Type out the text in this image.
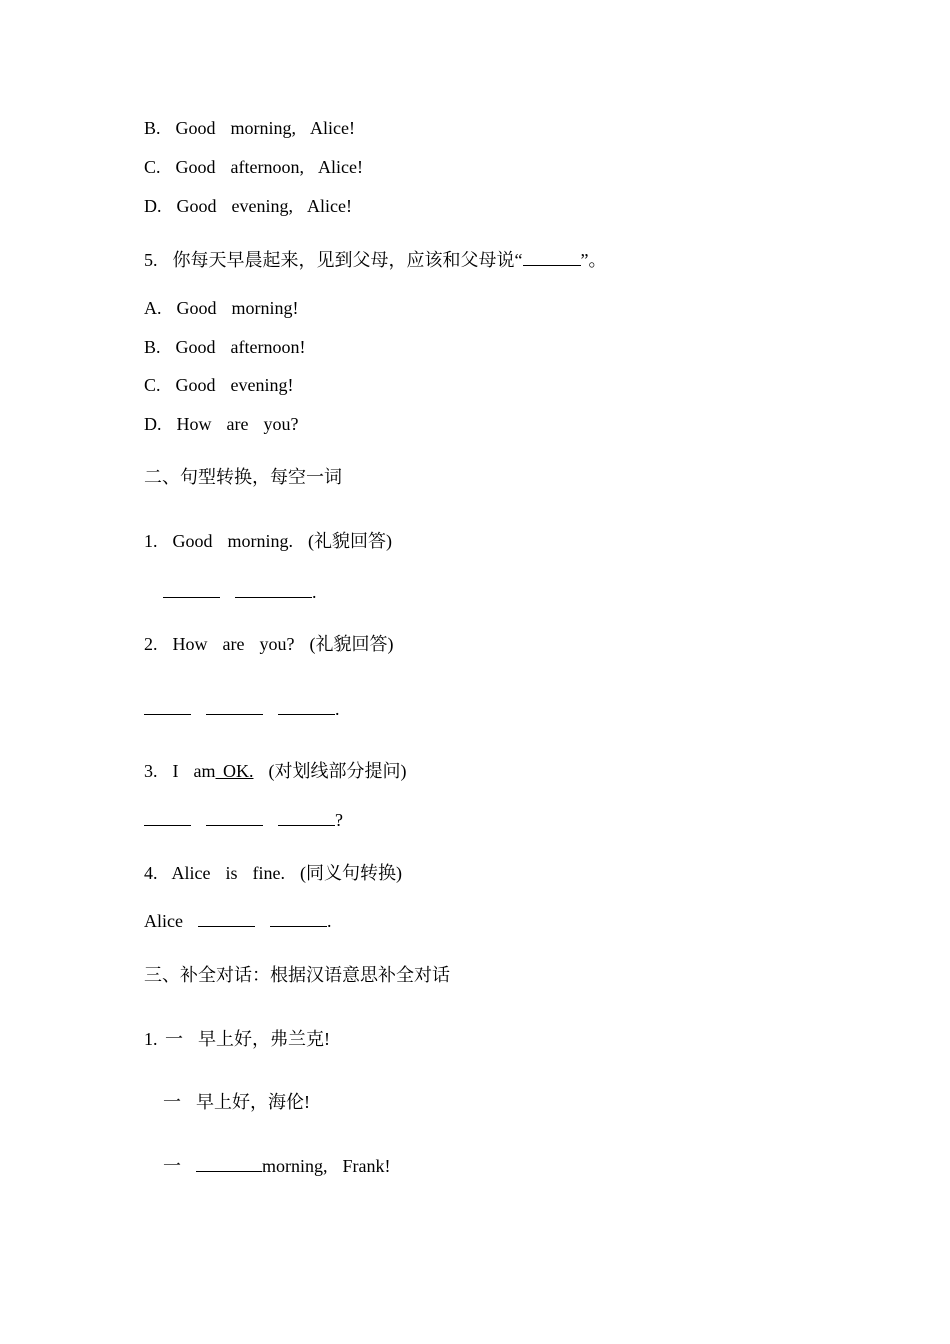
B.  Good  morning,  Alice!
C.  Good  afternoon,  Alice!
D.  Good  evening,  Alice!
5.  你每天早晨起来，见到父母，应该和父母说“	”。
A.  Good  morning!
B.  Good  afternoon!
C.  Good  evening!
D.  How  are  you?
二、句型转换，每空一词
1.  Good  morning.  (礼貌回答)
.
2.  How  are  you?  (礼貌回答)
.
3.  I  am OK.  (对划线部分提问)
?
4.  Alice  is  fine.  (同义句转换)
Alice	.
三、补全对话：根据汉语意思补全对话
1. 一  早上好，弗兰克!
一  早上好，海伦!
一	morning,  Frank!
